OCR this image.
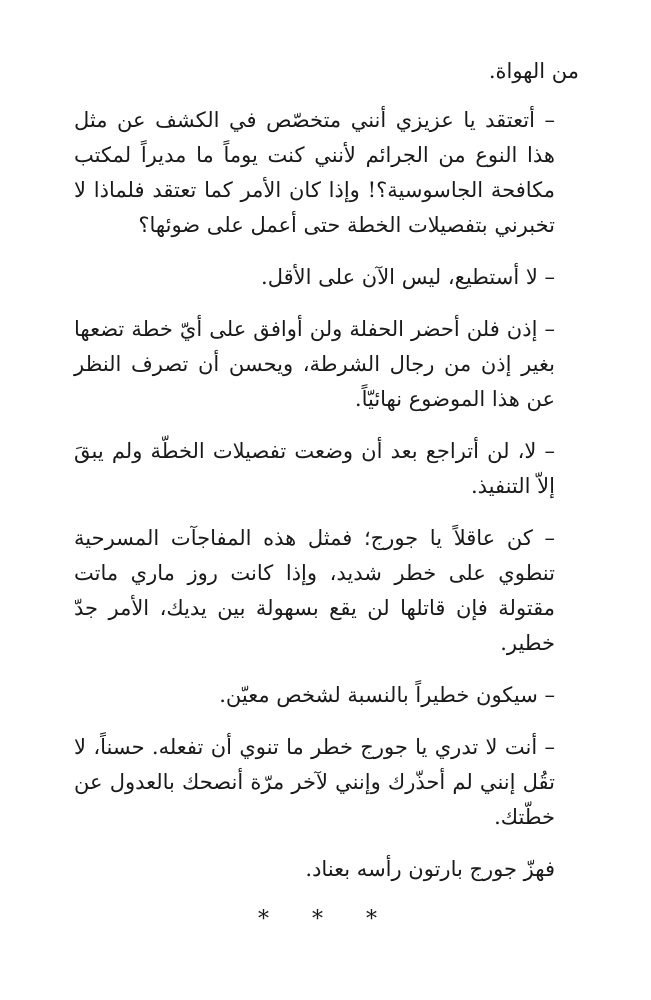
من الهواة.

– أتعتقد يا عزيزي أنني متخصّص في الكشف عن مثل هذا النوع من الجرائم لأنني كنت يوماً ما مديراً لمكتب مكافحة الجاسوسية؟! وإذا كان الأمر كما تعتقد فلماذا لا تخبرني بتفصيلات الخطة حتى أعمل على ضوئها؟

– لا أستطيع، ليس الآن على الأقل.

– إذن فلن أحضر الحفلة ولن أوافق على أيّ خطة تضعها بغير إذن من رجال الشرطة، ويحسن أن تصرف النظر عن هذا الموضوع نهائيّاً.

– لا، لن أتراجع بعد أن وضعت تفصيلات الخطّة ولم يبقَ إلاّ التنفيذ.

– كن عاقلاً يا جورج؛ فمثل هذه المفاجآت المسرحية تنطوي على خطر شديد، وإذا كانت روز ماري ماتت مقتولة فإن قاتلها لن يقع بسهولة بين يديك، الأمر جدّ خطير.

– سيكون خطيراً بالنسبة لشخص معيّن.

– أنت لا تدري يا جورج خطر ما تنوي أن تفعله. حسناً، لا تقُل إنني لم أحذّرك وإنني لآخر مرّة أنصحك بالعدول عن خطّتك.

فهزّ جورج بارتون رأسه بعناد.

* * *
